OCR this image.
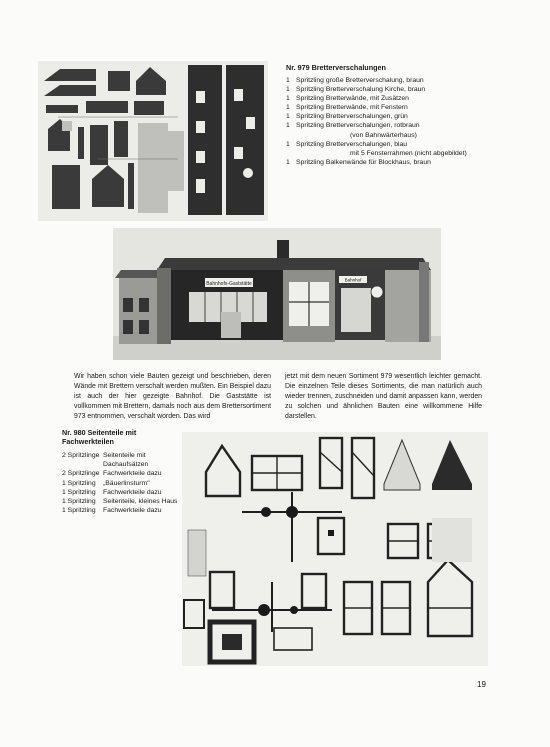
Nr. 979 Bretterverschalungen
1 Spritzling große Bretterverschalung, braun
1 Spritzling Bretterverschalung Kirche, braun
1 Spritzling Bretterwände, mit Zusätzen
1 Spritzling Bretterwände, mit Fenstern
1 Spritzling Bretterverschalungen, grün
1 Spritzling Bretterverschalungen, rotbraun
(von Bahnwärterhaus)
1 Spritzling Bretterverschalungen, blau
mit 5 Fensterrahmen (nicht abgebildet)
1 Spritzling Balkenwände für Blockhaus, braun
Bahnhofs-Gaststätte
Bahnhof

Wir haben schon viele Bauten gezeigt und beschrieben, deren Wände mit Brettern verschalt werden mußten. Ein Beispiel dazu ist auch der hier gezeigte Bahnhof. Die Gaststätte ist vollkommen mit Brettern, damals noch aus dem Brettersortiment 973 entnommen, verschalt worden. Das wird

jetzt mit dem neuen Sortiment 979 wesentlich leichter gemacht. Die einzelnen Teile dieses Sortiments, die man natürlich auch wieder trennen, zuschneiden und damit anpassen kann, werden zu solchen und ähnlichen Bauten eine willkommene Hilfe darstellen.

Nr. 980 Seitenteile mit Fachwerkteilen
2 Spritzlinge Seitenteile mit Dachaufsätzen
2 Spritzlinge Fachwerkteile dazu
1 Spritzling	„Bäuerlinsturm"
1 Spritzling	Fachwerkteile dazu
1 Spritzling	Seitenteile, kleines Haus
1 Spritzling	Fachwerkteile dazu
19
